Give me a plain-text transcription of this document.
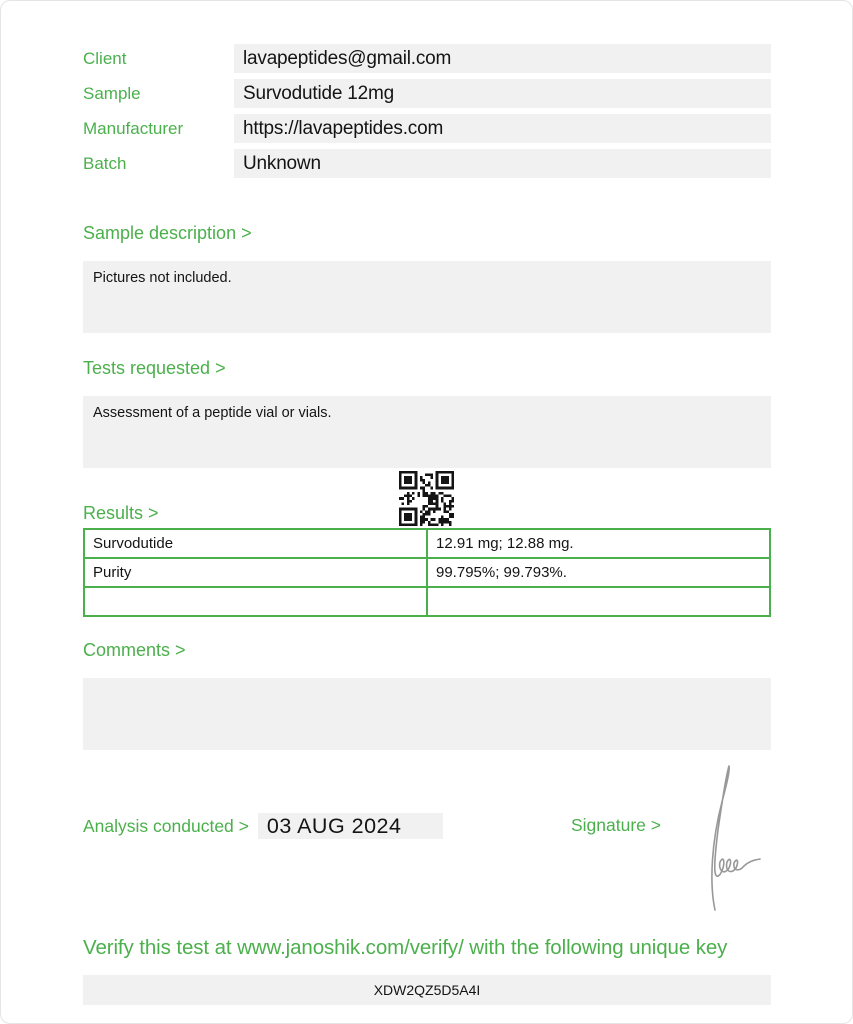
Client	lavapeptides@gmail.com
Sample	Survodutide 12mg
Manufacturer	https://lavapeptides.com
Batch	Unknown
Sample description >
Pictures not included.
Tests requested >
Assessment of a peptide vial or vials.
Results >
Survodutide	12.91 mg; 12.88 mg.
Purity	99.795%; 99.793%.

Comments >
Analysis conducted > 03 AUG 2024	Signature >
Verify this test at www.janoshik.com/verify/ with the following unique key
XDW2QZ5D5A4I
